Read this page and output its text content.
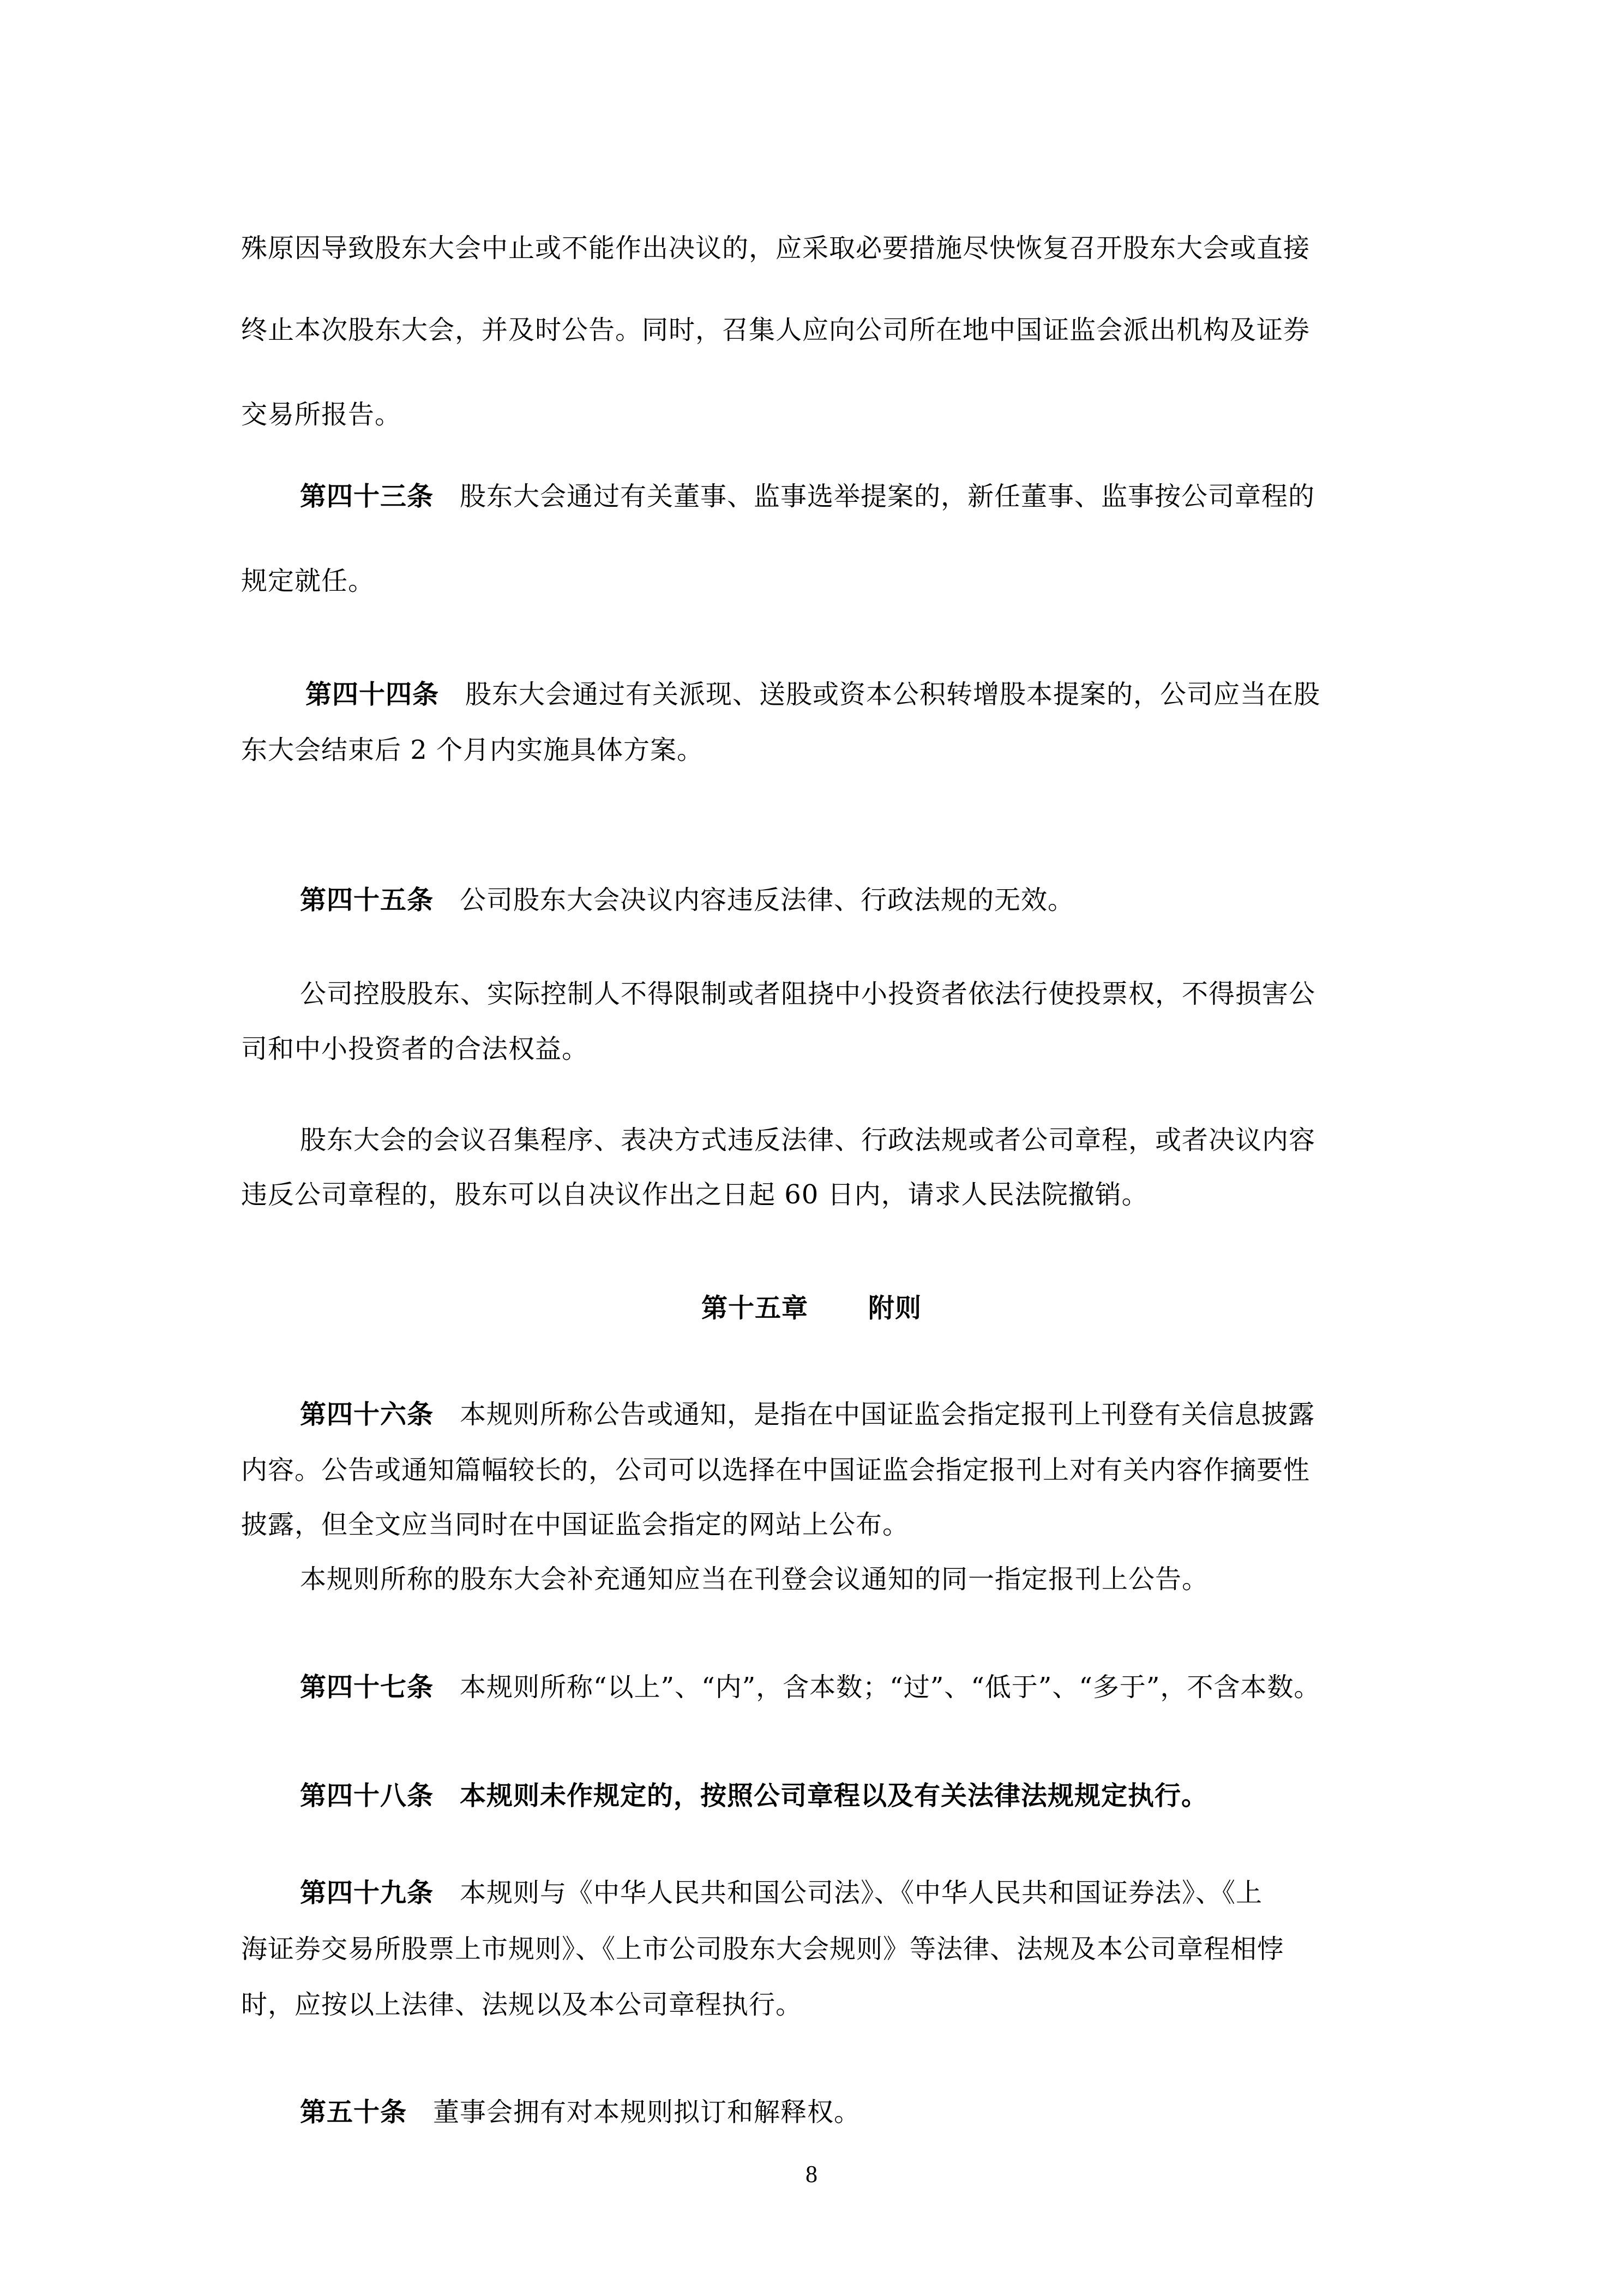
殊原因导致股东大会中止或不能作出决议的，应采取必要措施尽快恢复召开股东大会或直接
终止本次股东大会，并及时公告。同时，召集人应向公司所在地中国证监会派出机构及证券
交易所报告。
第四十三条 股东大会通过有关董事、监事选举提案的，新任董事、监事按公司章程的
规定就任。
第四十四条 股东大会通过有关派现、送股或资本公积转增股本提案的，公司应当在股
东大会结束后 2 个月内实施具体方案。
第四十五条 公司股东大会决议内容违反法律、行政法规的无效。
公司控股股东、实际控制人不得限制或者阻挠中小投资者依法行使投票权，不得损害公
司和中小投资者的合法权益。
股东大会的会议召集程序、表决方式违反法律、行政法规或者公司章程，或者决议内容
违反公司章程的，股东可以自决议作出之日起 60 日内，请求人民法院撤销。
第十五章 附则
第四十六条 本规则所称公告或通知，是指在中国证监会指定报刊上刊登有关信息披露
内容。公告或通知篇幅较长的，公司可以选择在中国证监会指定报刊上对有关内容作摘要性
披露，但全文应当同时在中国证监会指定的网站上公布。
本规则所称的股东大会补充通知应当在刊登会议通知的同一指定报刊上公告。
第四十七条 本规则所称“以上”、“内”，含本数；“过”、“低于”、“多于”，不含本数。
第四十八条 本规则未作规定的，按照公司章程以及有关法律法规规定执行。
第四十九条 本规则与《中华人民共和国公司法》、《中华人民共和国证券法》、《上
海证券交易所股票上市规则》、《上市公司股东大会规则》等法律、法规及本公司章程相悖
时，应按以上法律、法规以及本公司章程执行。
第五十条 董事会拥有对本规则拟订和解释权。
8
